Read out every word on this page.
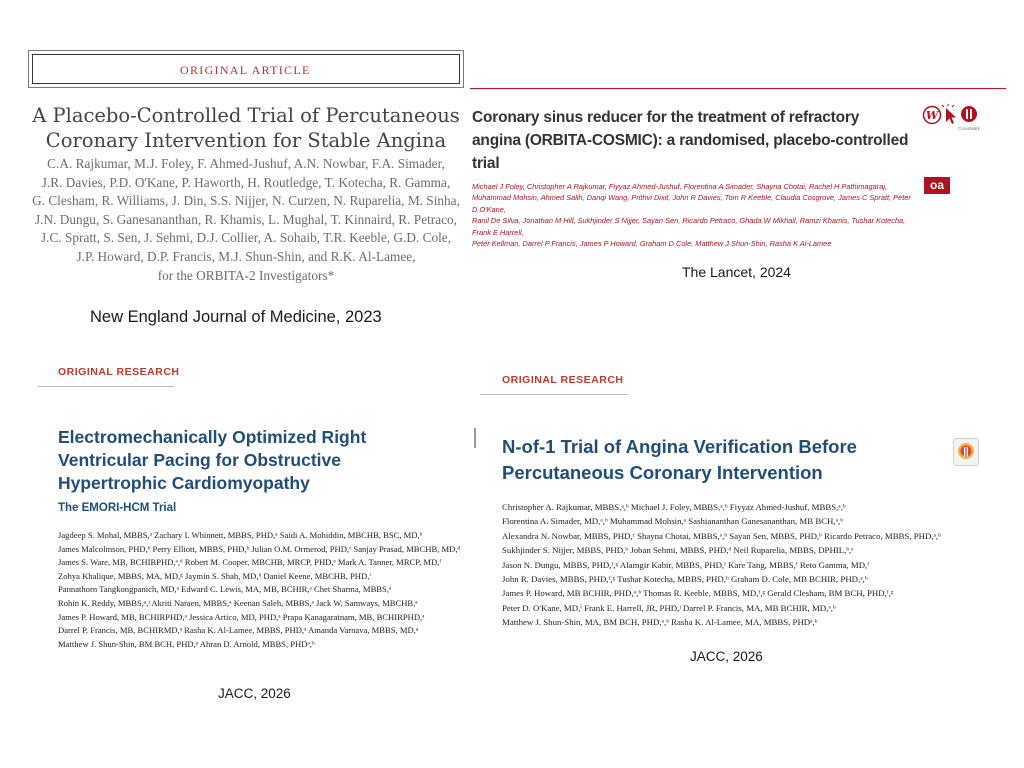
ORIGINAL ARTICLE
A Placebo-Controlled Trial of Percutaneous
Coronary Intervention for Stable Angina
C.A. Rajkumar, M.J. Foley, F. Ahmed-Jushuf, A.N. Nowbar, F.A. Simader,
J.R. Davies, P.D. O'Kane, P. Haworth, H. Routledge, T. Kotecha, R. Gamma,
G. Clesham, R. Williams, J. Din, S.S. Nijjer, N. Curzen, N. Ruparelia, M. Sinha,
J.N. Dungu, S. Ganesananthan, R. Khamis, L. Mughal, T. Kinnaird, R. Petraco,
J.C. Spratt, S. Sen, J. Sehmi, D.J. Collier, A. Sohaib, T.R. Keeble, G.D. Cole,
J.P. Howard, D.P. Francis, M.J. Shun-Shin, and R.K. Al-Lamee,
for the ORBITA-2 Investigators*
New England Journal of Medicine, 2023
Coronary sinus reducer for the treatment of refractory
angina (ORBITA-COSMIC): a randomised, placebo-controlled
trial
W
CrossMark
oa
Michael J Foley, Christopher A Rajkumar, Fiyyaz Ahmed-Jushuf, Florentina A Simader, Shayna Chotai, Rachel H Pathimagaraj,
Muhammad Mohsin, Ahmed Salih, Danqi Wang, Prithvi Dixit, John R Davies, Tom R Keeble, Claudia Cosgrove, James C Spratt, Peter D O'Kane,
Ranil De Silva, Jonathan M Hill, Sukhjinder S Nijjer, Sayan Sen, Ricardo Petraco, Ghada W Mikhail, Ramzi Khamis, Tushar Kotecha, Frank E Harrell,
Peter Kellman, Darrel P Francis, James P Howard, Graham D Cole, Matthew J Shun-Shin, Rasha K Al-Lamee
The Lancet, 2024
ORIGINAL RESEARCH
Electromechanically Optimized Right
Ventricular Pacing for Obstructive
Hypertrophic Cardiomyopathy
The EMORI-HCM Trial
Jagdeep S. Mohal, MBBS,ᵃ Zachary I. Whinnett, MBBS, PHD,ᵃ Saidi A. Mohiddin, MBCHB, BSC, MD,ᵇ
James Malcolmson, PHD,ᵇ Perry Elliott, MBBS, PHD,ᵇ Julian O.M. Ormerod, PHD,ᶜ Sanjay Prasad, MBCHB, MD,ᵈ
James S. Ware, MB, BCHIRPHD,ᵃ,ᵈ Robert M. Cooper, MBCHB, MRCP, PHD,ᵉ Mark A. Tanner, MRCP, MD,ᶠ
Zohya Khalique, MBBS, MA, MD,ᵍ Jaymin S. Shah, MD,ʰ Daniel Keene, MBCHB, PHD,ⁱ
Pannathorn Tangkongpanich, MD,ᵃ Edward C. Lewis, MA, MB, BCHIR,ᵃ Chet Sharma, MBBS,ᵃ
Rohin K. Reddy, MBBS,ᵃ,ʲ Akriti Naraen, MBBS,ᵃ Keenan Saleh, MBBS,ᵃ Jack W. Samways, MBCHB,ᵃ
James P. Howard, MB, BCHIRPHD,ᵃ Jessica Artico, MD, PHD,ᵃ Prapa Kanagaratnam, MB, BCHIRPHD,ᵃ
Darrel P. Francis, MB, BCHIRMD,ᵃ Rasha K. Al-Lamee, MBBS, PHD,ᵃ Amanda Varnava, MBBS, MD,ᵃ
Matthew J. Shun-Shin, BM BCH, PHD,ᵃ Ahran D. Arnold, MBBS, PHDᵃ,ʰ
JACC, 2026
ORIGINAL RESEARCH
N-of-1 Trial of Angina Verification Before
Percutaneous Coronary Intervention
Christopher A. Rajkumar, MBBS,ᵃ,ᵇ Michael J. Foley, MBBS,ᵃ,ᵇ Fiyyaz Ahmed-Jushuf, MBBS,ᵃ,ᵇ
Florentina A. Simader, MD,ᵃ,ᵇ Muhammad Mohsin,ᵃ Sashiananthan Ganesananthan, MB BCH,ᵃ,ᵇ
Alexandra N. Nowbar, MBBS, PHD,ᶜ Shayna Chotai, MBBS,ᵃ,ᵇ Sayan Sen, MBBS, PHD,ᵇ Ricardo Petraco, MBBS, PHD,ᵃ,ᵇ
Sukhjinder S. Nijjer, MBBS, PHD,ᵇ Joban Sehmi, MBBS, PHD,ᵈ Neil Ruparelia, MBBS, DPHIL,ᵇ,ᵉ
Jason N. Dungu, MBBS, PHD,ᶠ,ᵍ Alamgir Kabir, MBBS, PHD,ᶠ Kare Tang, MBBS,ᶠ Reto Gamma, MD,ᶠ
John R. Davies, MBBS, PHD,ᶠ,ᵍ Tushar Kotecha, MBBS, PHD,ʰ Graham D. Cole, MB BCHIR, PHD,ᵃ,ᵇ
James P. Howard, MB BCHIR, PHD,ᵃ,ᵇ Thomas R. Keeble, MBBS, MD,ᶠ,ᵍ Gerald Clesham, BM BCH, PHD,ᶠ,ᵍ
Peter D. O'Kane, MD,ⁱ Frank E. Harrell, JR, PHD,ʲ Darrel P. Francis, MA, MB BCHIR, MD,ᵃ,ᵇ
Matthew J. Shun-Shin, MA, BM BCH, PHD,ᵃ,ᵇ Rasha K. Al-Lamee, MA, MBBS, PHDᵃ,ᵇ
JACC, 2026
